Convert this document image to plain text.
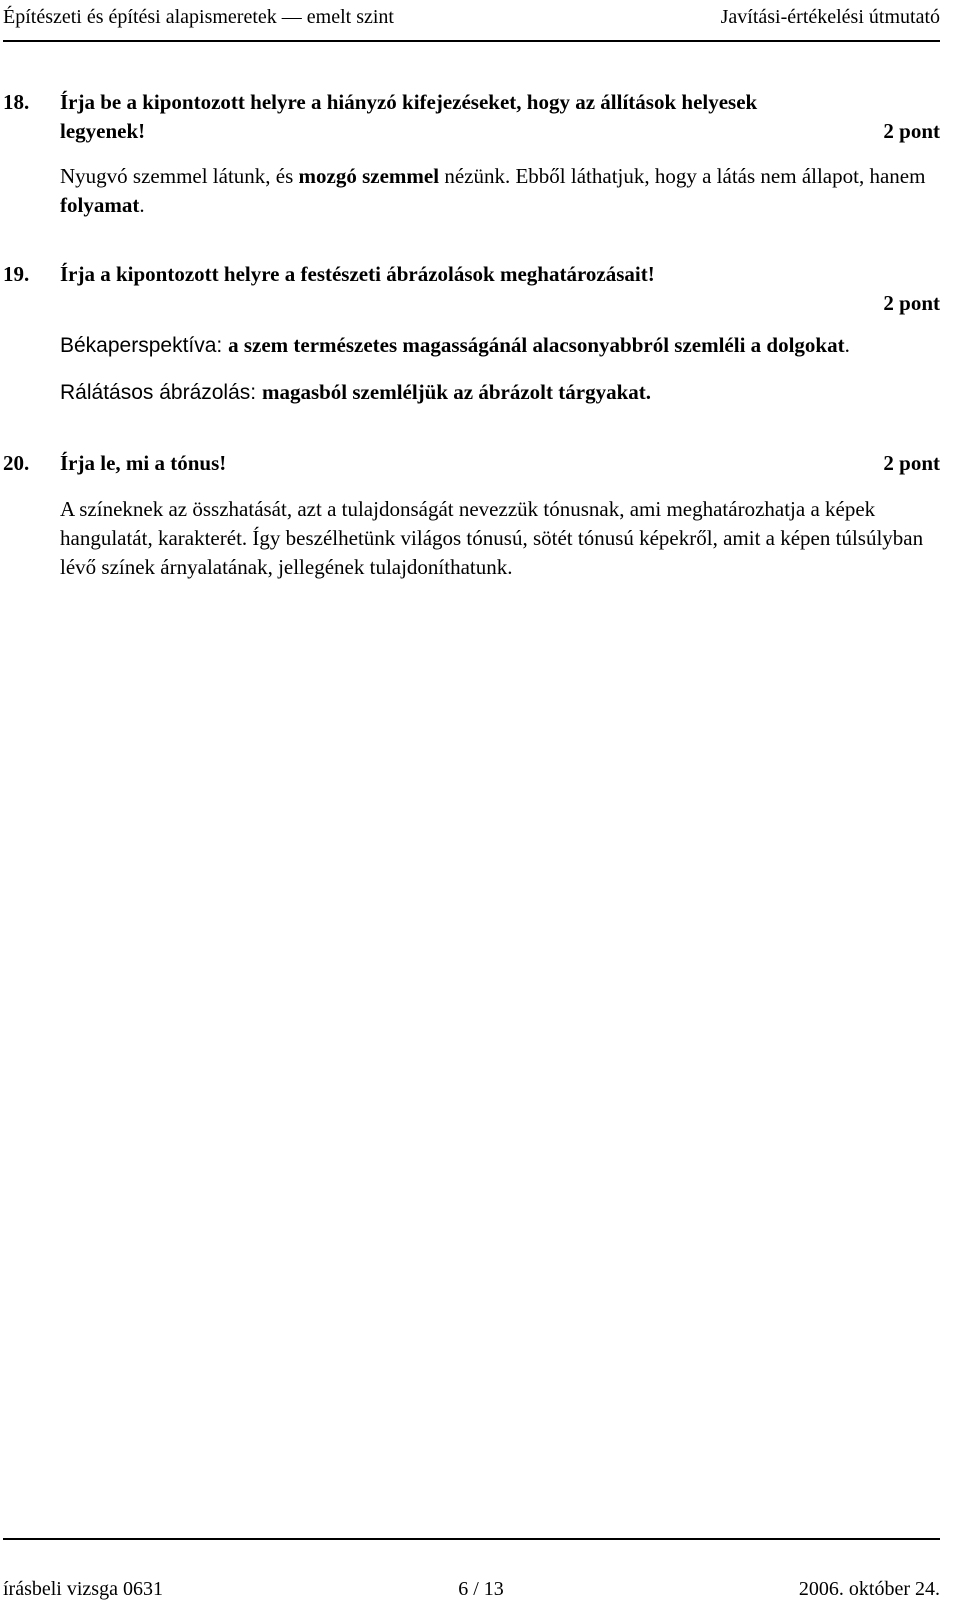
Építészeti és építési alapismeretek — emelt szint	Javítási-értékelési útmutató
18.	Írja be a kipontozott helyre a hiányzó kifejezéseket, hogy az állítások helyesek
legyenek!	2 pont
Nyugvó szemmel látunk, és mozgó szemmel nézünk. Ebből láthatjuk, hogy a látás nem állapot, hanem folyamat.
19.	Írja a kipontozott helyre a festészeti ábrázolások meghatározásait!
2 pont
Békaperspektíva: a szem természetes magasságánál alacsonyabbról szemléli a dolgokat.
Rálátásos ábrázolás: magasból szemléljük az ábrázolt tárgyakat.
20.	Írja le, mi a tónus!	2 pont
A színeknek az összhatását, azt a tulajdonságát nevezzük tónusnak, ami meghatározhatja a képek hangulatát, karakterét. Így beszélhetünk világos tónusú, sötét tónusú képekről, amit a képen túlsúlyban lévő színek árnyalatának, jellegének tulajdoníthatunk.
írásbeli vizsga 0631	6 / 13	2006. október 24.
